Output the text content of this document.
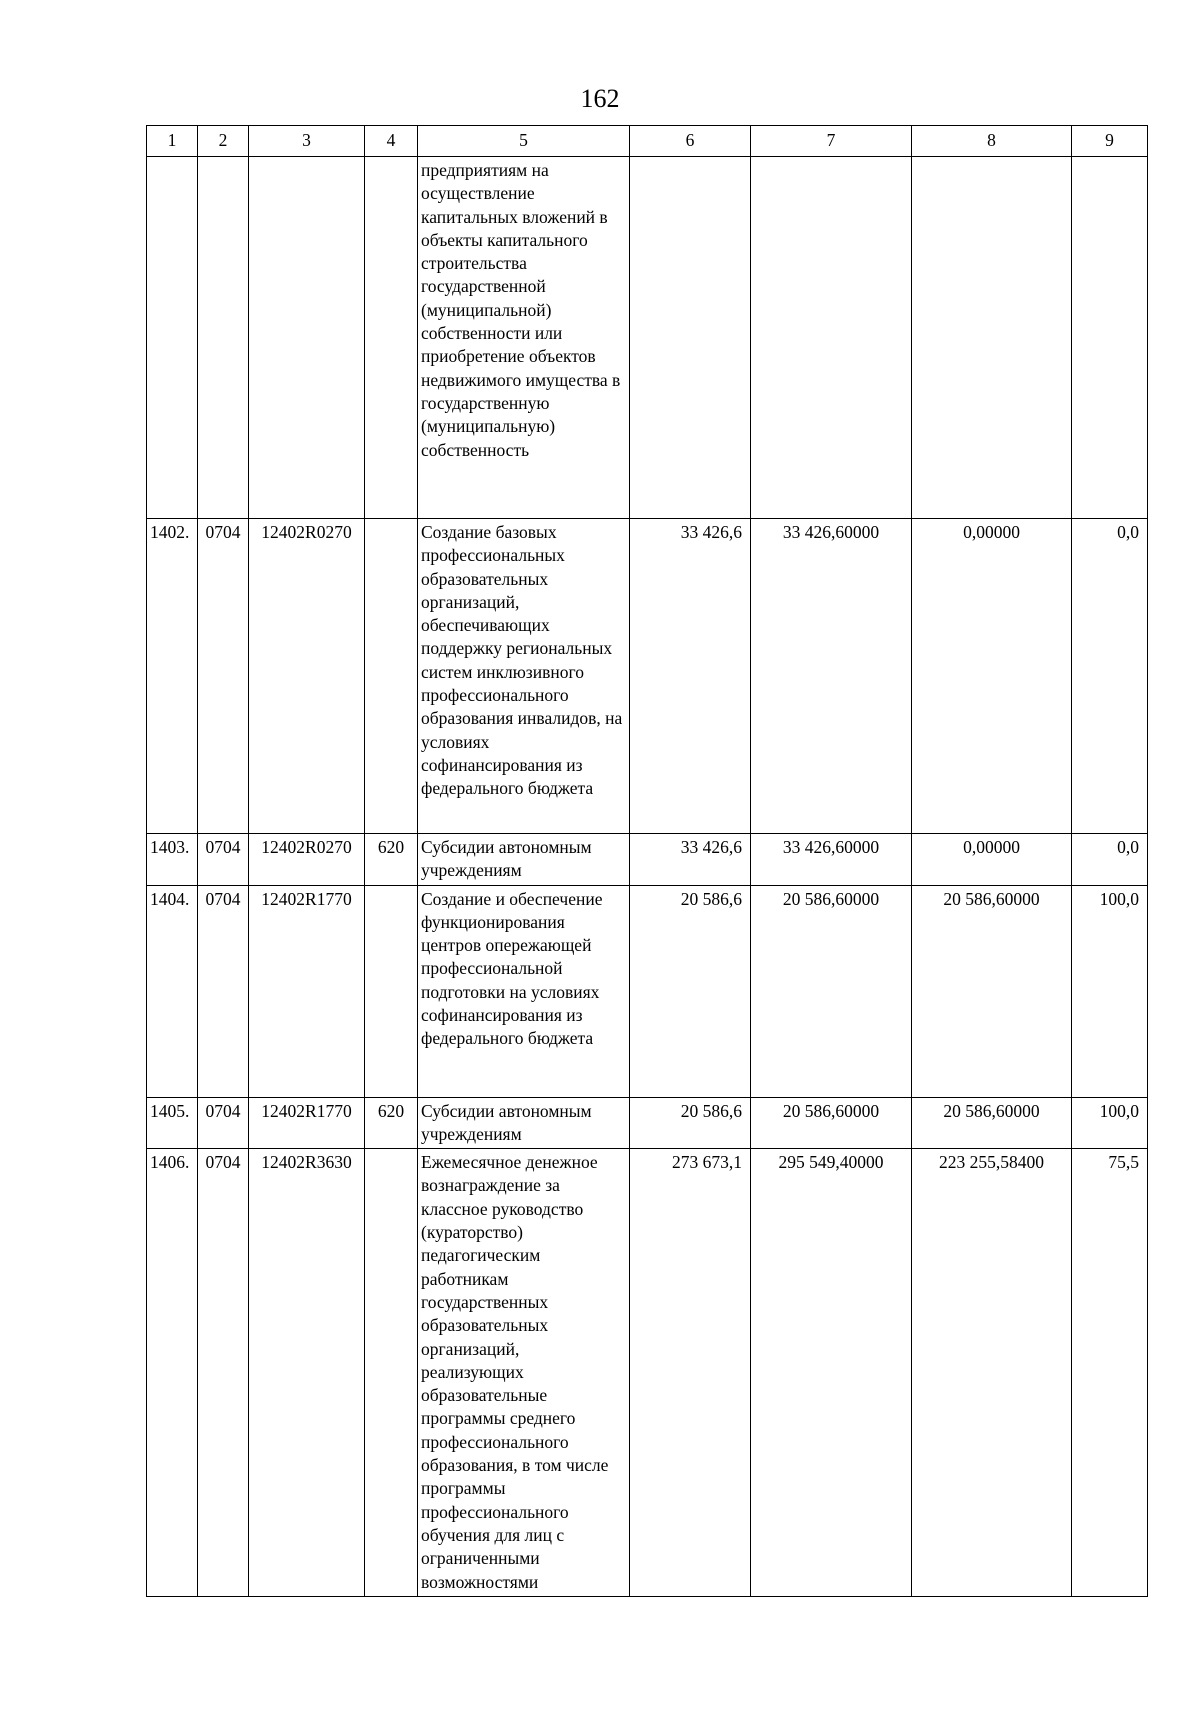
162
1	2	3	4	5	6	7	8	9
				предприятиям на осуществление капитальных вложений в объекты капитального строительства государственной (муниципальной) собственности или приобретение объектов недвижимого имущества в государственную (муниципальную) собственность				
1402.	0704	12402R0270		Создание базовых профессиональных образовательных организаций, обеспечивающих поддержку региональных систем инклюзивного профессионального образования инвалидов, на условиях софинансирования из федерального бюджета	33 426,6	33 426,60000	0,00000	0,0
1403.	0704	12402R0270	620	Субсидии автономным учреждениям	33 426,6	33 426,60000	0,00000	0,0
1404.	0704	12402R1770		Создание и обеспечение функционирования центров опережающей профессиональной подготовки на условиях софинансирования из федерального бюджета	20 586,6	20 586,60000	20 586,60000	100,0
1405.	0704	12402R1770	620	Субсидии автономным учреждениям	20 586,6	20 586,60000	20 586,60000	100,0
1406.	0704	12402R3630		Ежемесячное денежное вознаграждение за классное руководство (кураторство) педагогическим работникам государственных образовательных организаций, реализующих образовательные программы среднего профессионального образования, в том числе программы профессионального обучения для лиц с ограниченными возможностями	273 673,1	295 549,40000	223 255,58400	75,5
